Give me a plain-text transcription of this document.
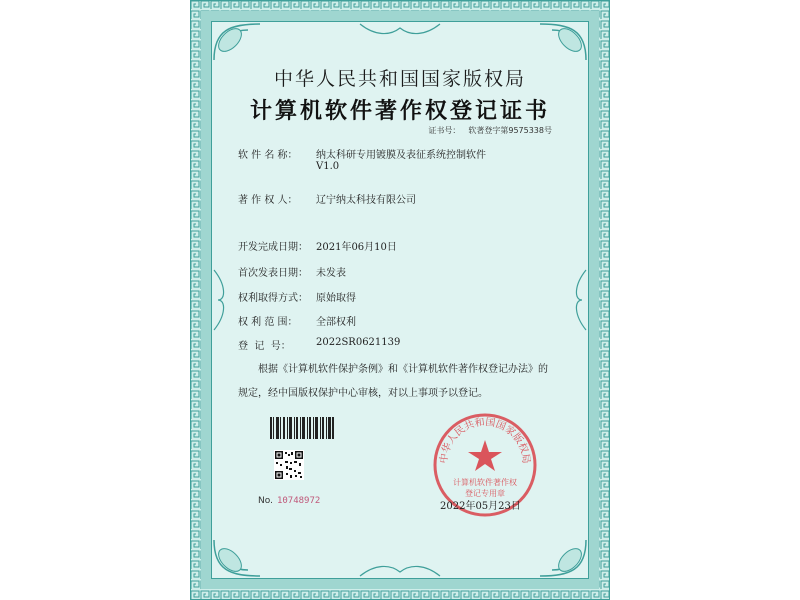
中华人民共和国国家版权局
计算机软件著作权登记证书
证书号： 软著登字第9575338号
软 件 名 称：	纳太科研专用镀膜及表征系统控制软件
V1.0
著 作 权 人：	辽宁纳太科技有限公司
开发完成日期： 2021年06月10日
首次发表日期： 未发表
权利取得方式： 原始取得
权 利 范 围：	全部权利
登  记  号：	2022SR0621139
根据《计算机软件保护条例》和《计算机软件著作权登记办法》的
规定，经中国版权保护中心审核，对以上事项予以登记。
No. 10748972
中华人民共和国国家版权局
计算机软件著作权
登记专用章
2022年05月23日
